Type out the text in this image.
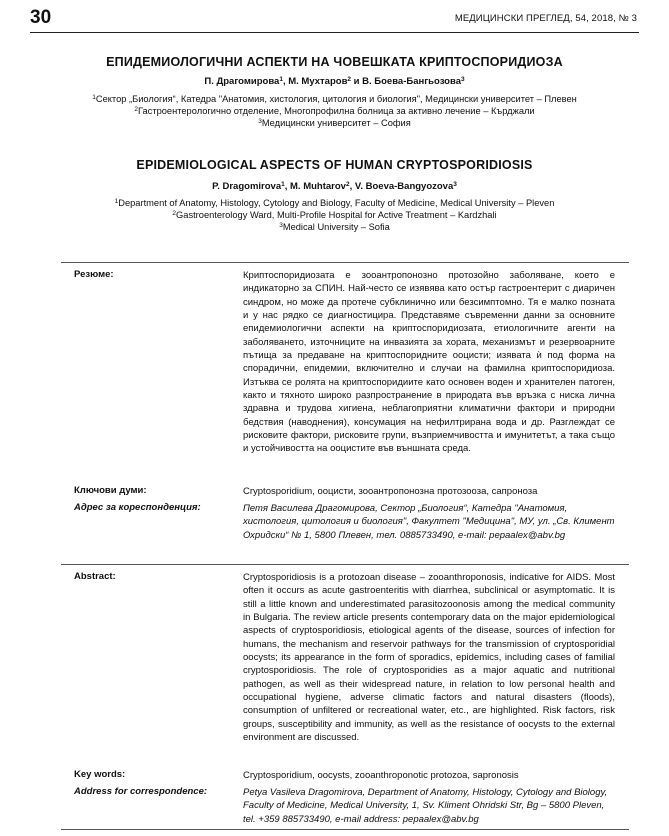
30	МЕДИЦИНСКИ ПРЕГЛЕД, 54, 2018, № 3
ЕПИДЕМИОЛОГИЧНИ АСПЕКТИ НА ЧОВЕШКАТА КРИПТОСПОРИДИОЗА
П. Драгомирова$^1$, М. Мухтаров$^2$ и В. Боева-Бангьозова$^3$
$^1$Сектор „Биология“, Катедра "Анатомия, хистология, цитология и биология", Медицински университет – Плевен
$^2$Гастроентерологично отделение, Многопрофилна болница за активно лечение – Кърджали
$^3$Медицински университет – София
EPIDEMIOLOGICAL ASPECTS OF HUMAN CRYPTOSPORIDIOSIS
P. Dragomirova$^1$, M. Muhtarov$^2$, V. Boeva-Bangyozova$^3$
$^1$Department of Anatomy, Histology, Cytology and Biology, Faculty of Medicine, Medical University – Pleven
$^2$Gastroenterology Ward, Multi-Profile Hospital for Active Treatment – Kardzhali
$^3$Medical University – Sofia
Резюме:	Криптоспоридиозата е зооантропонозно протозойно заболяване, което е индикаторно за СПИН. Най-често се изявява като остър гастроентерит с диаричен синдром, но може да протече субклинично или безсимптомно. Тя е малко позната и у нас рядко се диагностицира. Представяме съвременни данни за основните епидемиологични аспекти на криптоспоридиозата, етиологичните агенти на заболяването, източниците на инвазията за хората, механизмът и резервоарните пътища за предаване на криптоспоридните ооцисти; изявата ѝ под форма на спорадични, епидемии, включително и случаи на фамилна криптоспоридиоза. Изтъква се ролята на криптоспоридиите като основен воден и хранителен патоген, както и тяхното широко разпространение в природата във връзка с ниска лична здравна и трудова хигиена, неблагоприятни климатични фактори и природни бедствия (наводнения), консумация на нефилтрирана вода и др. Разглеждат се рисковите фактори, рисковите групи, възприемчивостта и имунитетът, а така също и устойчивостта на ооцистите във външната среда.
Ключови думи:	Cryptosporidium, ооцисти, зооантропонозна протозооза, сапроноза
Адрес за кореспонденция:	Петя Василева Драгомирова, Сектор „Биология“, Катедра "Анатомия, хистология, цитология и биология", Факултет "Медицина", МУ, ул. „Св. Климент Охридски“ № 1, 5800 Плевен, тел. 0885733490, e-mail: pepaalex@abv.bg
Abstract:	Cryptosporidiosis is a protozoan disease – zooanthroponosis, indicative for AIDS. Most often it occurs as acute gastroenteritis with diarrhea, subclinical or asymptomatic. It is still a little known and underestimated parasitozoonosis among the medical community in Bulgaria. The review article presents contemporary data on the major epidemiological aspects of cryptosporidiosis, etiological agents of the disease, sources of infection for humans, the mechanism and reservoir pathways for the transmission of cryptosporidial oocysts; its appearance in the form of sporadics, epidemics, including cases of familial cryptosporidiosis. The role of cryptosporidies as a major aquatic and nutritional pathogen, as well as their widespread nature, in relation to low personal health and occupational hygiene, adverse climatic factors and natural disasters (floods), consumption of unfiltered or recreational water, etc., are highlighted. Risk factors, risk groups, susceptibility and immunity, as well as the resistance of oocysts to the external environment are discussed.
Key words:	Cryptosporidium, oocysts, zooanthroponotic protozoa, sapronosis
Address for correspondence:	Petya Vasileva Dragomirova, Department of Anatomy, Histology, Cytology and Biology, Faculty of Medicine, Medical University, 1, Sv. Kliment Ohridski Str, Bg – 5800 Pleven, tel. +359 885733490, e-mail address: pepaalex@abv.bg
